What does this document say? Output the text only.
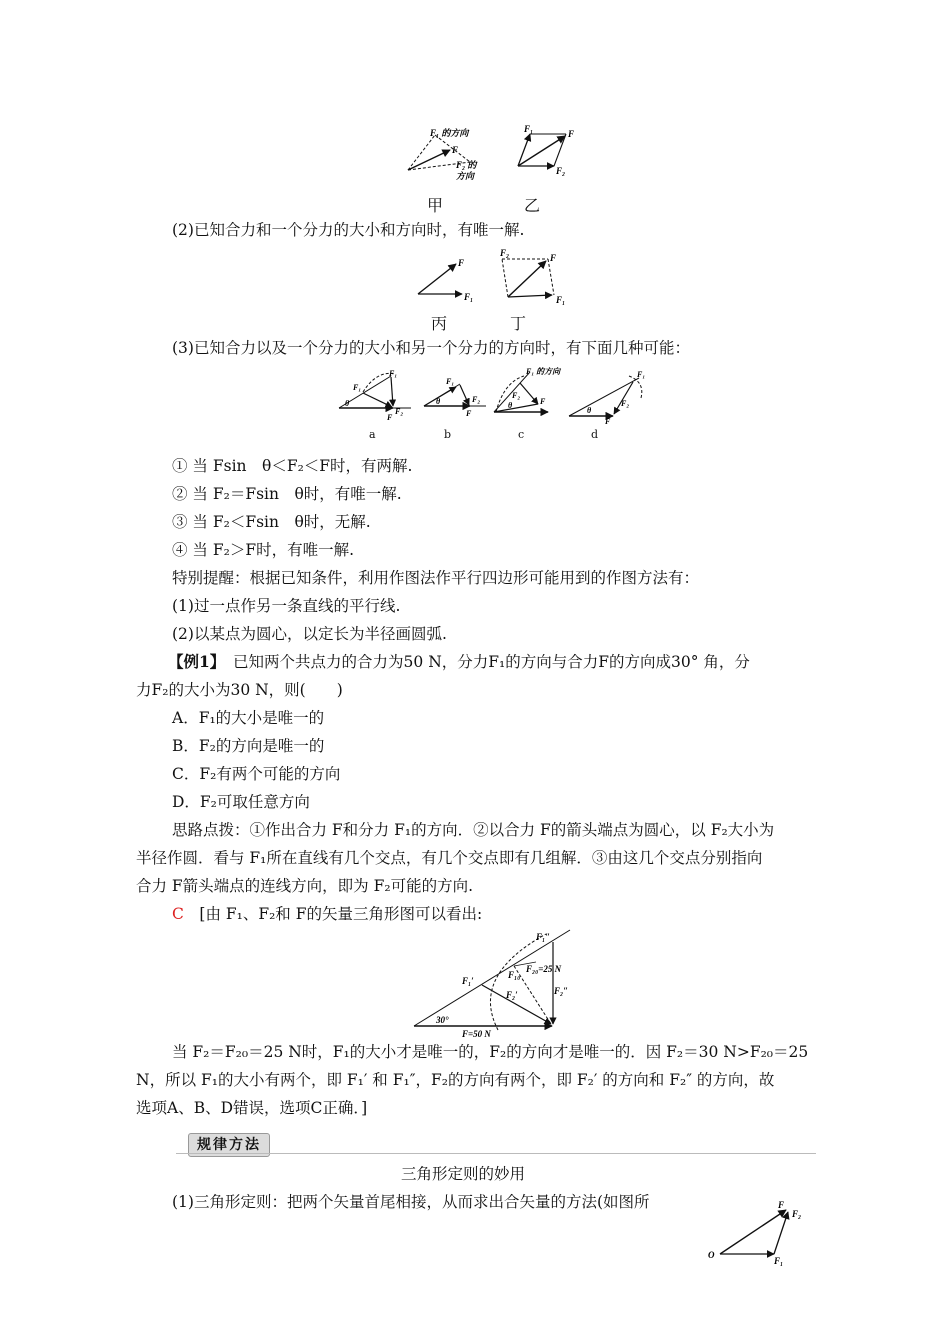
F₁ 的方向
F
F₂ 的
方向
F₁	F
F₂
甲	乙
(2)已知合力和一个分力的大小和方向时，有唯一解.
F
F₁
F₂	F
F₁
丙	丁
(3)已知合力以及一个分力的大小和另一个分力的方向时，有下面几种可能：
θ
F₁
F₁
F₂
F
a
θ
F₁
F₂
F
b
θ
F₁ 的方向
F₂
F
c
θ
F₁
F₂
F
d
① 当 Fsin　θ＜F₂＜F时，有两解.
② 当 F₂＝Fsin　θ时，有唯一解.
③ 当 F₂＜Fsin　θ时，无解.
④ 当 F₂＞F时，有唯一解.
特别提醒：根据已知条件，利用作图法作平行四边形可能用到的作图方法有：
(1)过一点作另一条直线的平行线.
(2)以某点为圆心，以定长为半径画圆弧.
【例1】　已知两个共点力的合力为50 N，分力F₁的方向与合力F的方向成30° 角，分
力F₂的大小为30 N，则(　　)
A．F₁的大小是唯一的
B．F₂的方向是唯一的
C．F₂有两个可能的方向
D．F₂可取任意方向
思路点拨：①作出合力 F和分力 F₁的方向．②以合力 F的箭头端点为圆心，以 F₂大小为
半径作圆．看与 F₁所在直线有几个交点，有几个交点即有几组解．③由这几个交点分别指向
合力 F箭头端点的连线方向，即为 F₂可能的方向.
C　 [由 F₁、F₂和 F的矢量三角形图可以看出:
F₁″
F₂₀=25 N
F₁₀
F₁′
F₂′	F₂″
30°
F=50 N
当 F₂＝F₂₀＝25 N时，F₁的大小才是唯一的，F₂的方向才是唯一的．因 F₂＝30 N>F₂₀＝25
N，所以 F₁的大小有两个，即 F₁′ 和 F₁″，F₂的方向有两个，即 F₂′ 的方向和 F₂″ 的方向，故
选项A、B、D错误，选项C正确．]
规律方法
三角形定则的妙用
(1)三角形定则：把两个矢量首尾相接，从而求出合矢量的方法(如图所
O
F
F₂
F₁
